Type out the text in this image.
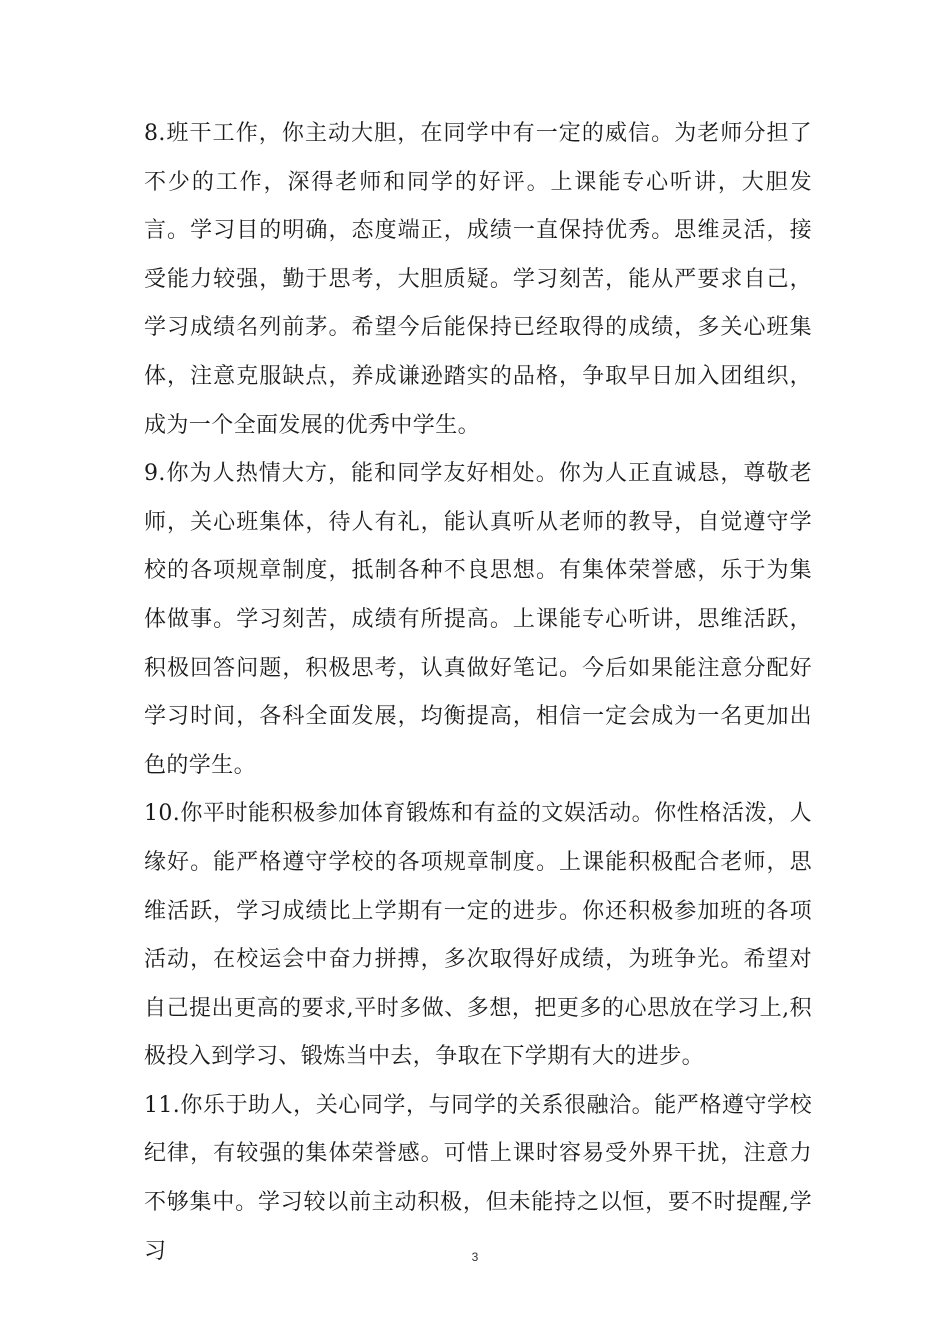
8.班干工作，你主动大胆，在同学中有一定的威信。为老师分担了不少的工作，深得老师和同学的好评。上课能专心听讲，大胆发言。学习目的明确，态度端正，成绩一直保持优秀。思维灵活，接受能力较强，勤于思考，大胆质疑。学习刻苦，能从严要求自己，学习成绩名列前茅。希望今后能保持已经取得的成绩，多关心班集体，注意克服缺点，养成谦逊踏实的品格，争取早日加入团组织，成为一个全面发展的优秀中学生。

9.你为人热情大方，能和同学友好相处。你为人正直诚恳，尊敬老师，关心班集体，待人有礼，能认真听从老师的教导，自觉遵守学校的各项规章制度，抵制各种不良思想。有集体荣誉感，乐于为集体做事。学习刻苦，成绩有所提高。上课能专心听讲，思维活跃，积极回答问题，积极思考，认真做好笔记。今后如果能注意分配好学习时间，各科全面发展，均衡提高，相信一定会成为一名更加出色的学生。

10.你平时能积极参加体育锻炼和有益的文娱活动。你性格活泼，人缘好。能严格遵守学校的各项规章制度。上课能积极配合老师，思维活跃，学习成绩比上学期有一定的进步。你还积极参加班的各项活动，在校运会中奋力拼搏，多次取得好成绩，为班争光。希望对自己提出更高的要求,平时多做、多想，把更多的心思放在学习上,积极投入到学习、锻炼当中去，争取在下学期有大的进步。

11.你乐于助人，关心同学，与同学的关系很融洽。能严格遵守学校纪律，有较强的集体荣誉感。可惜上课时容易受外界干扰，注意力不够集中。学习较以前主动积极，但未能持之以恒，要不时提醒,学习	3
